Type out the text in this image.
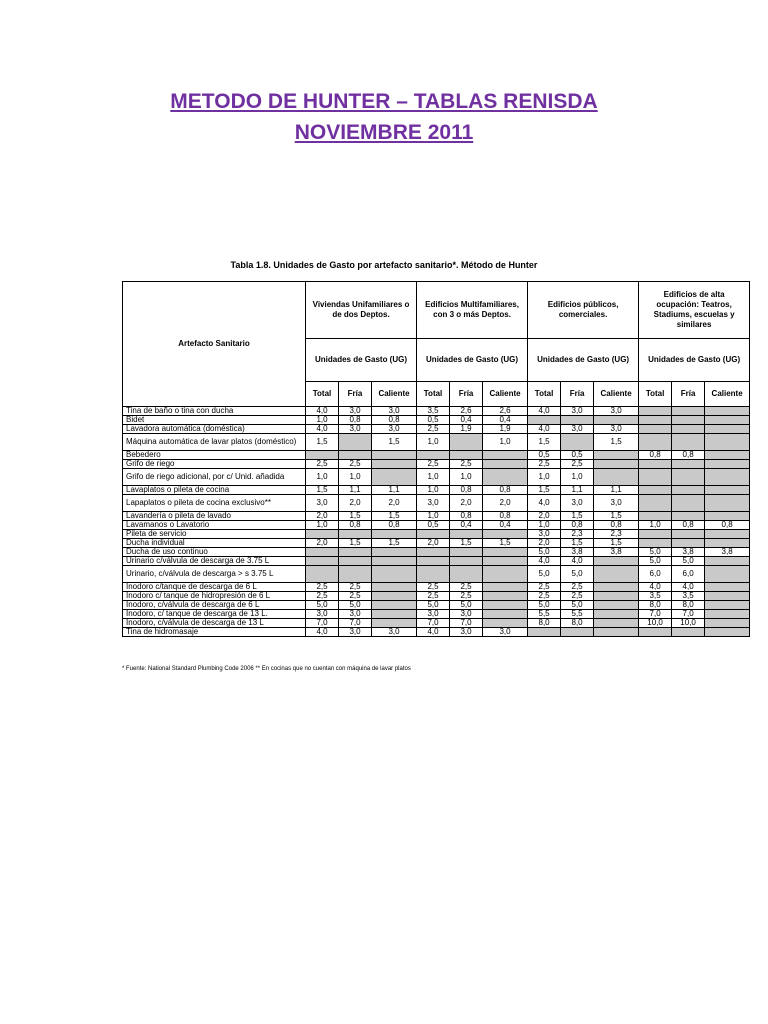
METODO DE HUNTER – TABLAS RENISDA
NOVIEMBRE 2011
Tabla 1.8. Unidades de Gasto por artefacto sanitario*. Método de Hunter
Artefacto Sanitario	Viviendas Unifamiliares o de dos Deptos.			Edificios Multifamiliares, con 3 o más Deptos.			Edificios públicos, comerciales.			Edificios de alta ocupación: Teatros, Stadiums, escuelas y similares		
	Unidades de Gasto (UG)			Unidades de Gasto (UG)			Unidades de Gasto (UG)			Unidades de Gasto (UG)		
	Total	Fría	Caliente	Total	Fría	Caliente	Total	Fría	Caliente	Total	Fría	Caliente
Tina de baño o tina con ducha	4,0	3,0	3,0	3,5	2,6	2,6	4,0	3,0	3,0			
Bidet	1,0	0,8	0,8	0,5	0,4	0,4						
Lavadora automática (doméstica)	4,0	3,0	3,0	2,5	1,9	1,9	4,0	3,0	3,0			
Máquina automática de lavar platos (doméstico)	1,5		1,5	1,0		1,0	1,5		1,5			
Bebedero							0,5	0,5		0,8	0,8	
Grifo de riego	2,5	2,5		2,5	2,5		2,5	2,5				
Grifo de riego adicional, por c/ Unid. añadida	1,0	1,0		1,0	1,0		1,0	1,0				
Lavaplatos o pileta de cocina	1,5	1,1	1,1	1,0	0,8	0,8	1,5	1,1	1,1			
Lapaplatos o pileta de cocina exclusivo**	3,0	2,0	2,0	3,0	2,0	2,0	4,0	3,0	3,0			
Lavandería o pileta de lavado	2,0	1,5	1,5	1,0	0,8	0,8	2,0	1,5	1,5			
Lavamanos o Lavatorio	1,0	0,8	0,8	0,5	0,4	0,4	1,0	0,8	0,8	1,0	0,8	0,8
Pileta de servicio							3,0	2,3	2,3			
Ducha individual	2,0	1,5	1,5	2,0	1,5	1,5	2,0	1,5	1,5			
Ducha de uso continuo							5,0	3,8	3,8	5,0	3,8	3,8
Urinario c/válvula de descarga de 3.75 L							4,0	4,0		5,0	5,0	
Urinario, c/válvula de descarga > s 3.75 L							5,0	5,0		6,0	6,0	
Inodoro c/tanque de descarga de 6 L	2,5	2,5		2,5	2,5		2,5	2,5		4,0	4,0	
Inodoro c/ tanque de hidropresión de 6 L	2,5	2,5		2,5	2,5		2,5	2,5		3,5	3,5	
Inodoro, c/válvula de descarga de 6 L	5,0	5,0		5,0	5,0		5,0	5,0		8,0	8,0	
Inodoro, c/ tanque de descarga de 13 L.	3,0	3,0		3,0	3,0		5,5	5,5		7,0	7,0	
Inodoro, c/válvula de descarga de 13 L	7,0	7,0		7,0	7,0		8,0	8,0		10,0	10,0	
Tina de hidromasaje	4,0	3,0	3,0	4,0	3,0	3,0						
* Fuente: National Standard Plumbing Code 2006 ** En cocinas que no cuentan con máquina de lavar platos
